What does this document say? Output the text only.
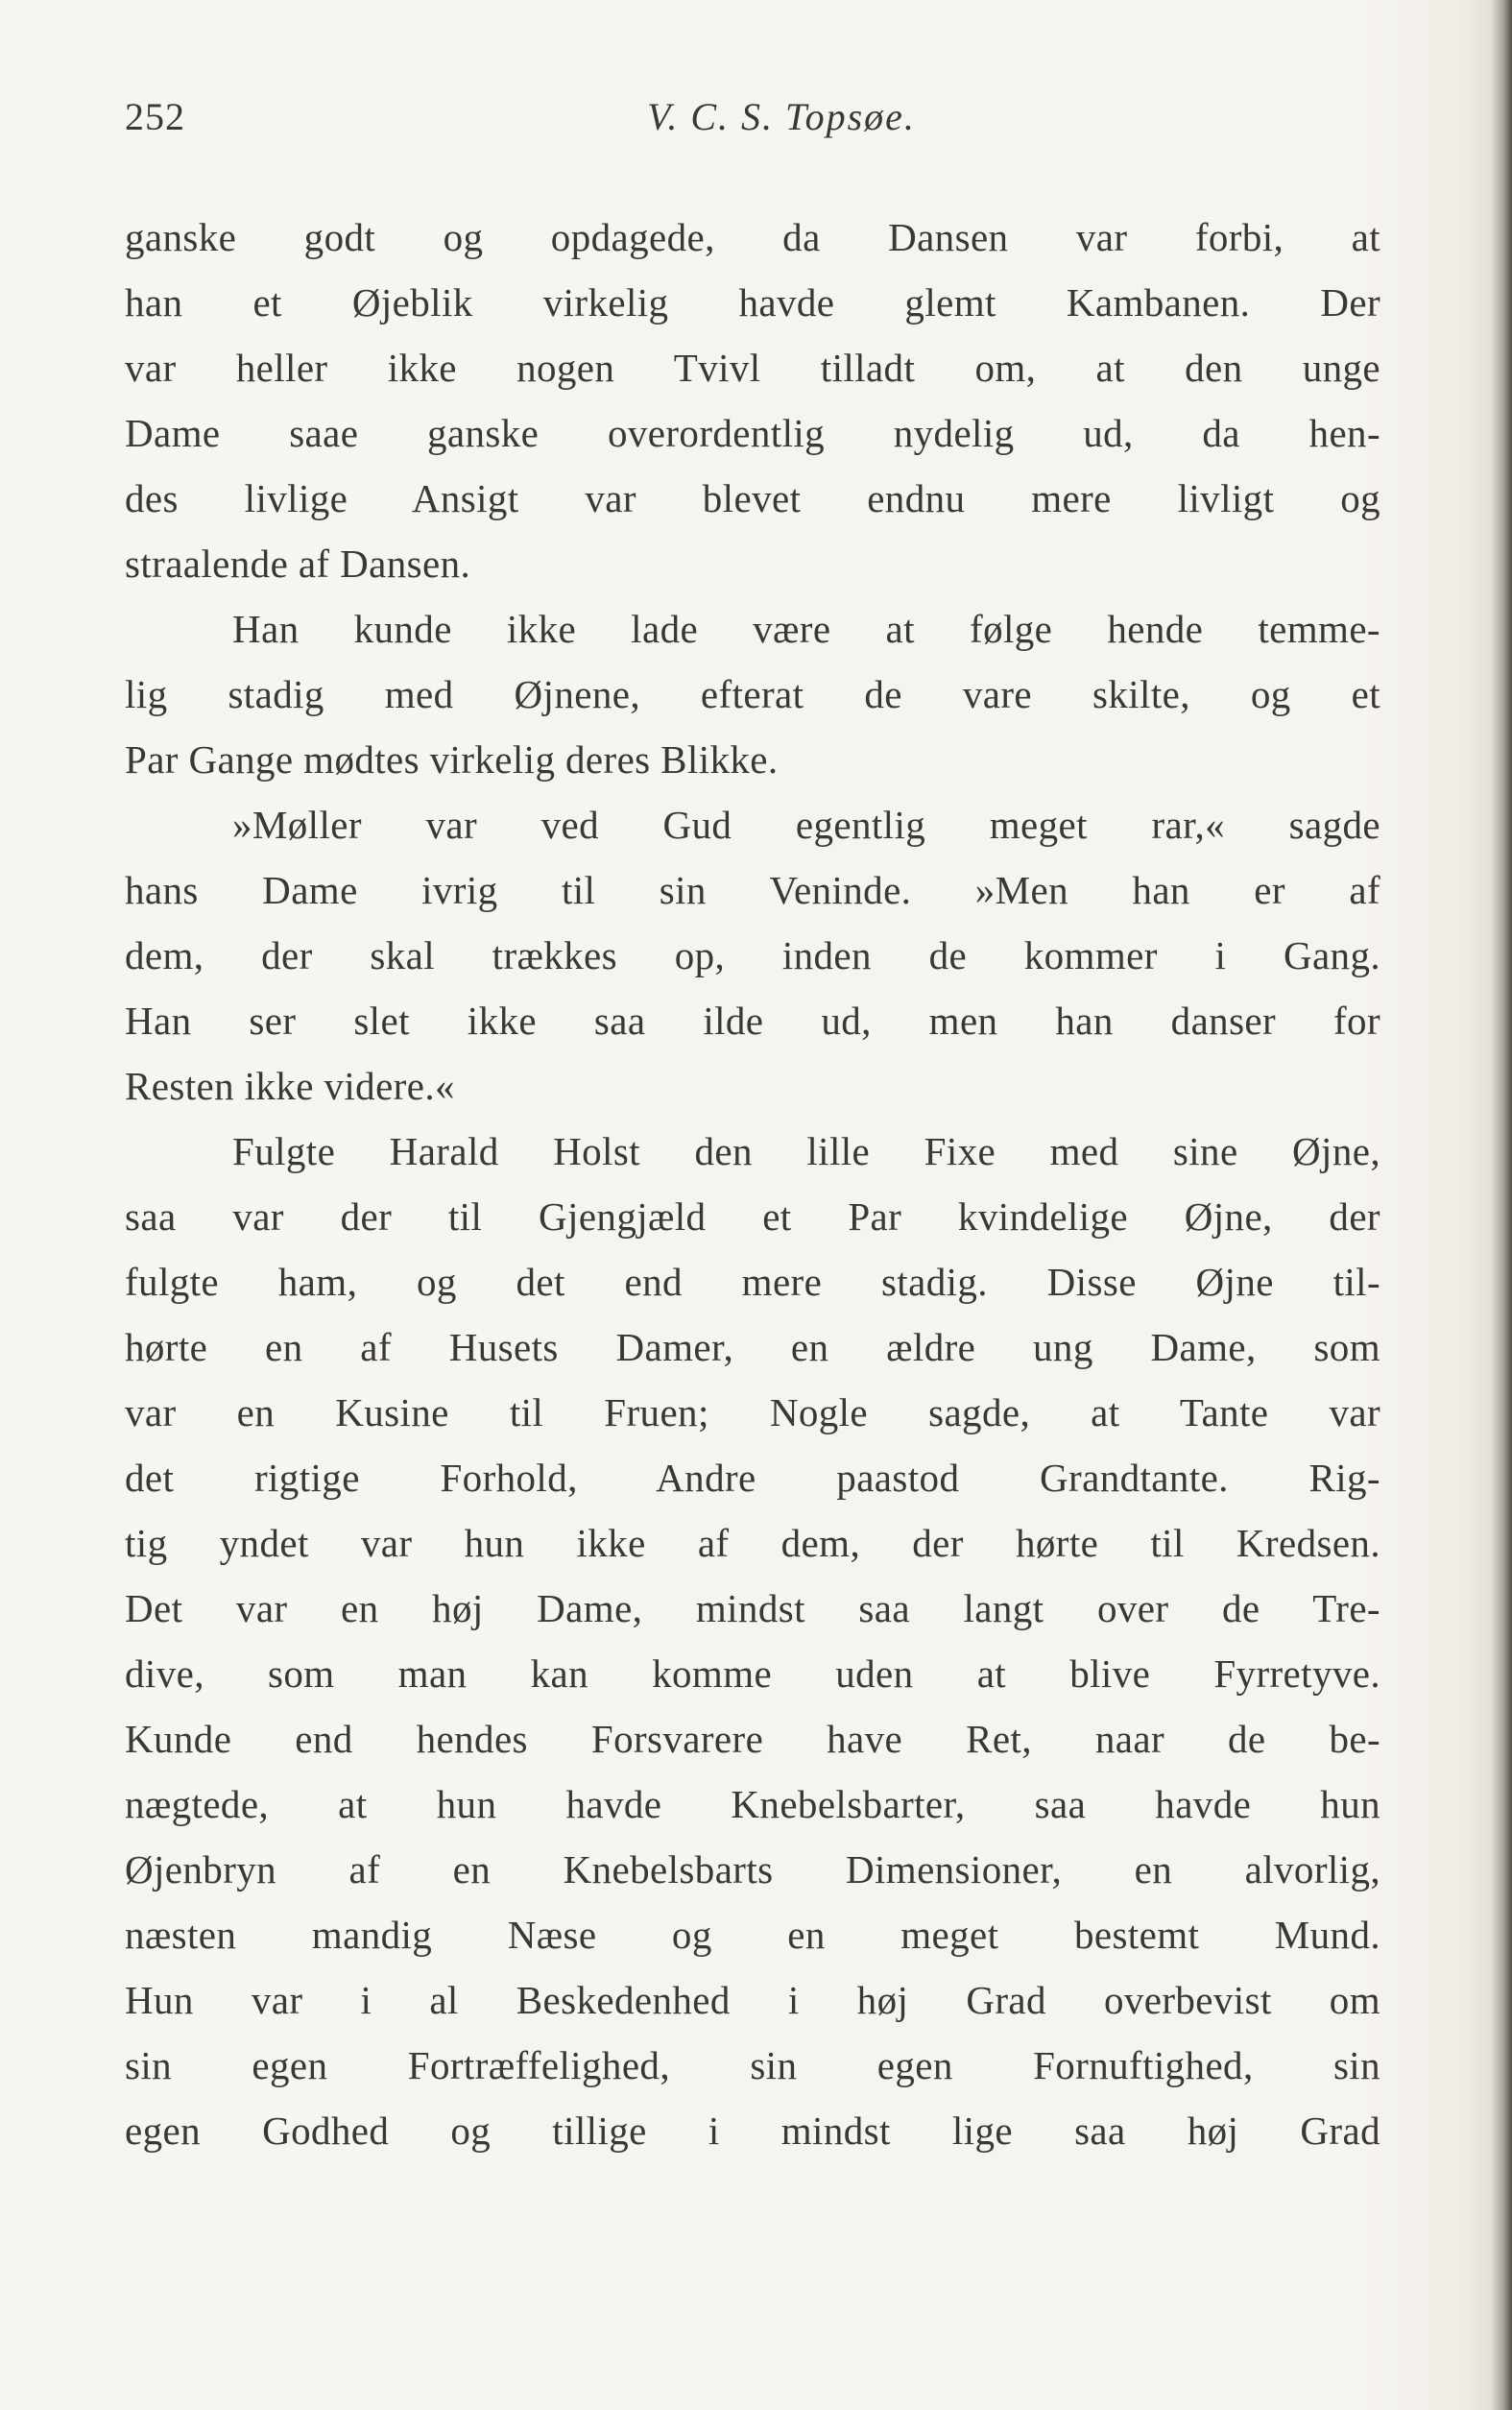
252	V. C. S. Topsøe.
ganske godt og opdagede, da Dansen var forbi, at
han et Øjeblik virkelig havde glemt Kambanen. Der
var heller ikke nogen Tvivl tilladt om, at den unge
Dame saae ganske overordentlig nydelig ud, da hen-
des livlige Ansigt var blevet endnu mere livligt og
straalende af Dansen.
Han kunde ikke lade være at følge hende temme-
lig stadig med Øjnene, efterat de vare skilte, og et
Par Gange mødtes virkelig deres Blikke.
»Møller var ved Gud egentlig meget rar,« sagde
hans Dame ivrig til sin Veninde. »Men han er af
dem, der skal trækkes op, inden de kommer i Gang.
Han ser slet ikke saa ilde ud, men han danser for
Resten ikke videre.«
Fulgte Harald Holst den lille Fixe med sine Øjne,
saa var der til Gjengjæld et Par kvindelige Øjne, der
fulgte ham, og det end mere stadig. Disse Øjne til-
hørte en af Husets Damer, en ældre ung Dame, som
var en Kusine til Fruen; Nogle sagde, at Tante var
det rigtige Forhold, Andre paastod Grandtante. Rig-
tig yndet var hun ikke af dem, der hørte til Kredsen.
Det var en høj Dame, mindst saa langt over de Tre-
dive, som man kan komme uden at blive Fyrretyve.
Kunde end hendes Forsvarere have Ret, naar de be-
nægtede, at hun havde Knebelsbarter, saa havde hun
Øjenbryn af en Knebelsbarts Dimensioner, en alvorlig,
næsten mandig Næse og en meget bestemt Mund.
Hun var i al Beskedenhed i høj Grad overbevist om
sin egen Fortræffelighed, sin egen Fornuftighed, sin
egen Godhed og tillige i mindst lige saa høj Grad
